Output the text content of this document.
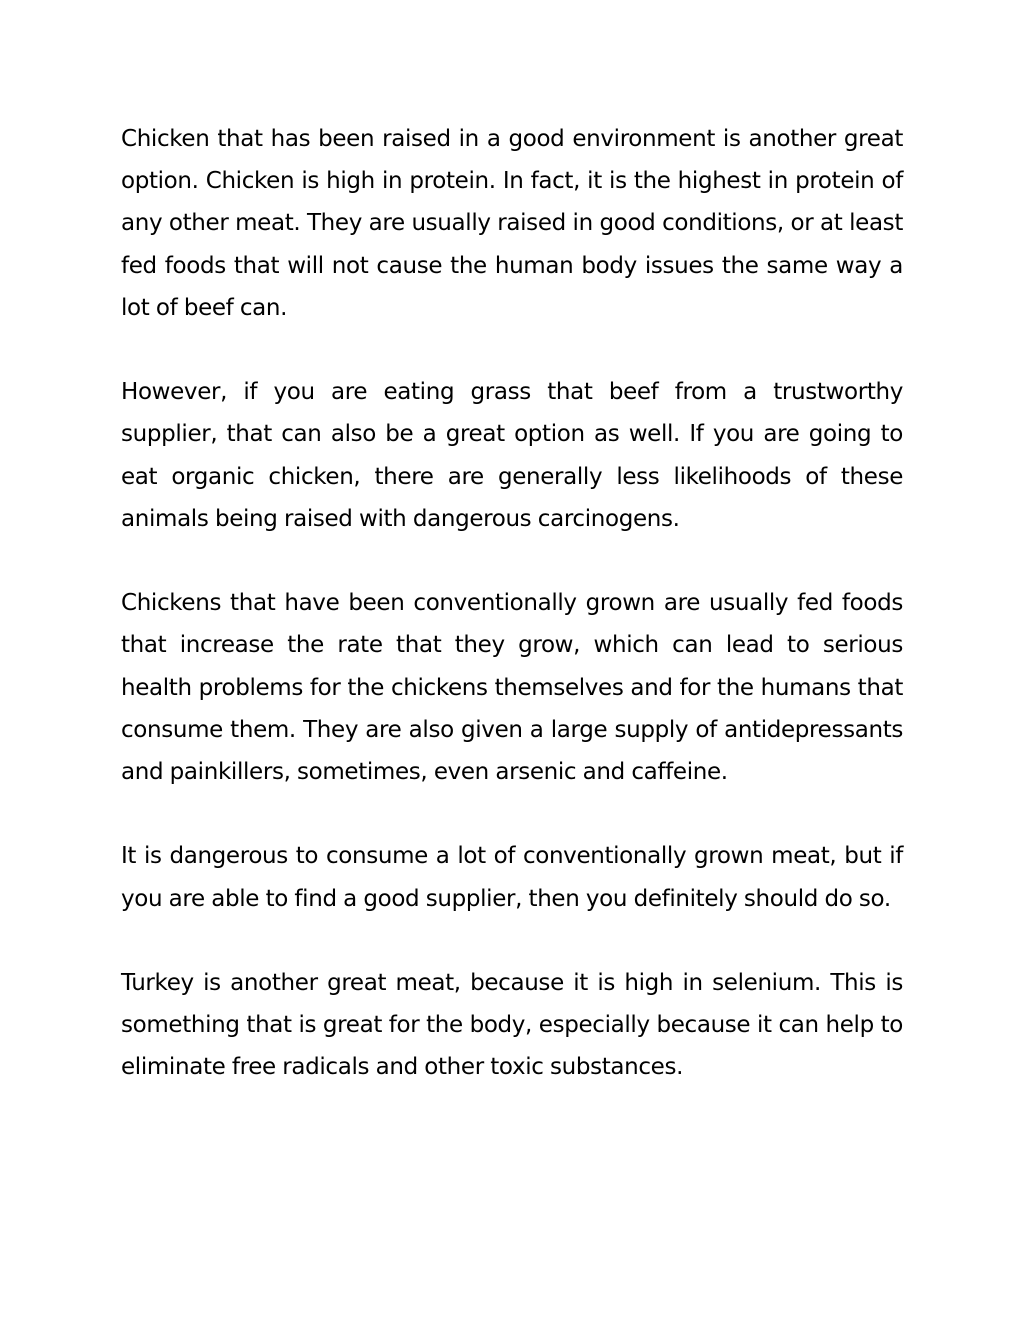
Chicken that has been raised in a good environment is another great option. Chicken is high in protein. In fact, it is the highest in protein of any other meat. They are usually raised in good conditions, or at least fed foods that will not cause the human body issues the same way a lot of beef can.

However, if you are eating grass that beef from a trustworthy supplier, that can also be a great option as well. If you are going to eat organic chicken, there are generally less likelihoods of these animals being raised with dangerous carcinogens.

Chickens that have been conventionally grown are usually fed foods that increase the rate that they grow, which can lead to serious health problems for the chickens themselves and for the humans that consume them. They are also given a large supply of antidepressants and painkillers, sometimes, even arsenic and caffeine.

It is dangerous to consume a lot of conventionally grown meat, but if you are able to find a good supplier, then you definitely should do so.

Turkey is another great meat, because it is high in selenium. This is something that is great for the body, especially because it can help to eliminate free radicals and other toxic substances.
